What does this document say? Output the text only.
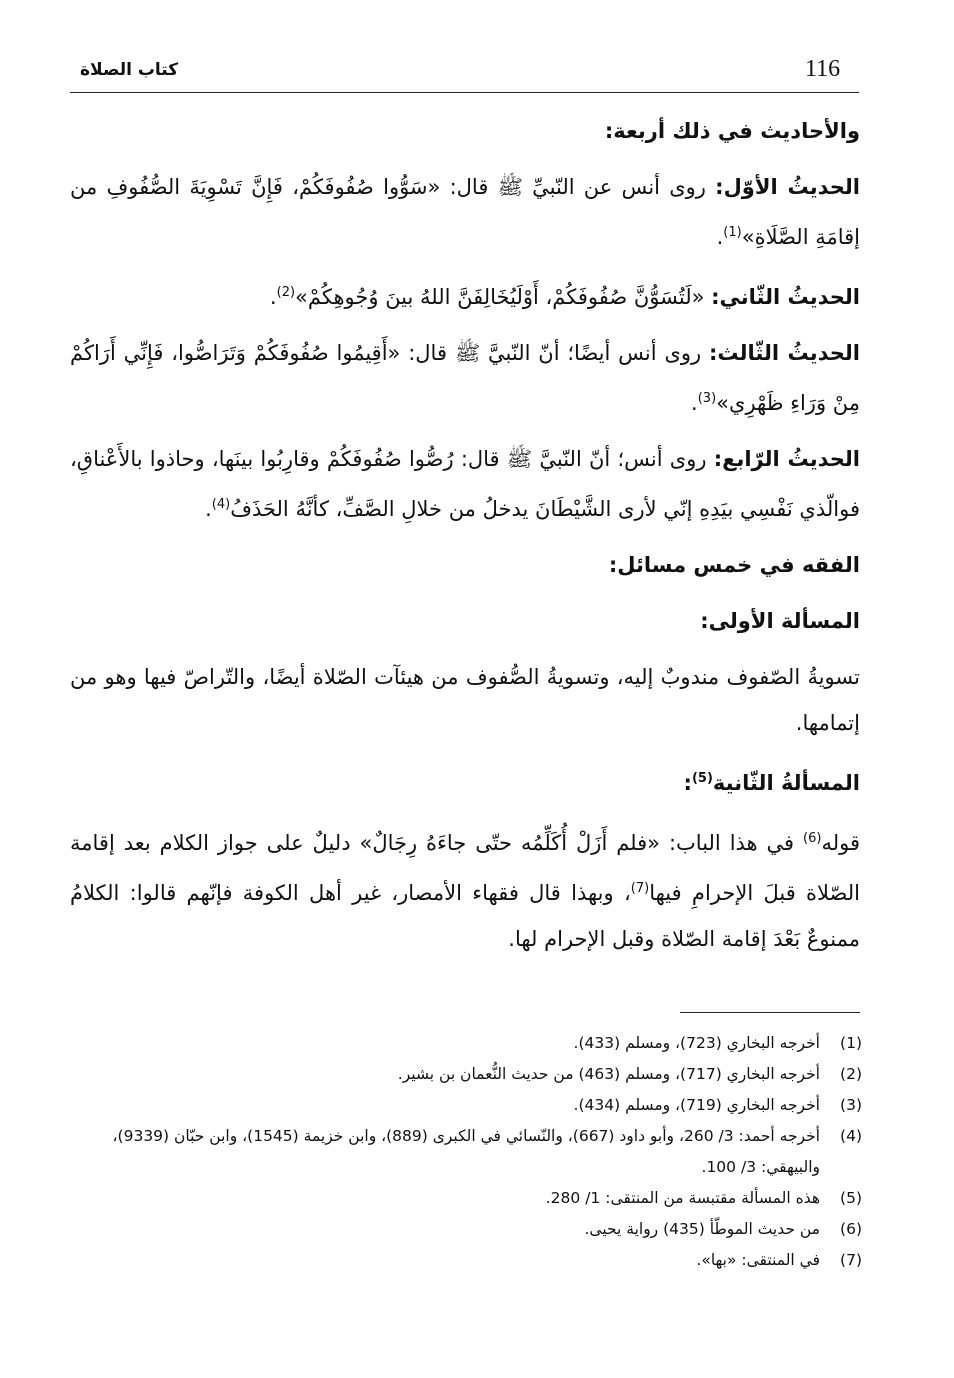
116
كتاب الصلاة

والأحاديث في ذلك أربعة:

الحديثُ الأوّل: روى أنس عن النّبيِّ ﷺ قال: «سَوُّوا صُفُوفَكُمْ، فَإِنَّ تَسْوِيَةَ الصُّفُوفِ من إقامَةِ الصَّلَاةِ»$^{(1)}$.

الحديثُ الثّاني: «لَتُسَوُّنَّ صُفُوفَكُمْ، أَوْلَيُخَالِفَنَّ اللهُ بينَ وُجُوهِكُمْ»$^{(2)}$.

الحديثُ الثّالث: روى أنس أيضًا؛ أنّ النّبيَّ ﷺ قال: «أَقِيمُوا صُفُوفَكُمْ وَتَرَاصُّوا، فَإِنِّي أَرَاكُمْ مِنْ وَرَاءِ ظَهْرِي»$^{(3)}$.

الحديثُ الرّابع: روى أنس؛ أنّ النّبيَّ ﷺ قال: رُصُّوا صُفُوفَكُمْ وقارِبُوا بينَها، وحاذوا بالأَعْناقِ، فوالّذي نَفْسِي بيَدِهِ إنّي لأرى الشَّيْطَانَ يدخلُ من خلالِ الصَّفِّ، كأنَّهُ الحَذَفُ$^{(4)}$.

الفقه في خمس مسائل:

المسألة الأولى:

تسويةُ الصّفوف مندوبٌ إليه، وتسويةُ الصُّفوف من هيئآت الصّلاة أيضًا، والتّراصّ فيها وهو من إتمامها.

المسألةُ الثّانية$^{(5)}$:

قوله$^{(6)}$ في هذا الباب: «فلم أَزَلْ أُكَلِّمُه حتّى جاءَهُ رِجَالٌ» دليلٌ على جواز الكلام بعد إقامة الصّلاة قبلَ الإحرامِ فيها$^{(7)}$، وبهذا قال فقهاء الأمصار، غير أهل الكوفة فإنّهم قالوا: الكلامُ ممنوعٌ بَعْدَ إقامة الصّلاة وقبل الإحرام لها.

(1)
أخرجه البخاري (723)، ومسلم (433).
(2)
أخرجه البخاري (717)، ومسلم (463) من حديث النُّعمان بن بشير.
(3)
أخرجه البخاري (719)، ومسلم (434).
(4)
أخرجه أحمد: 3/ 260، وأبو داود (667)، والنّسائي في الكبرى (889)، وابن خزيمة (1545)، وابن حبّان (9339)، والبيهقي: 3/ 100.
(5)
هذه المسألة مقتبسة من المنتقى: 1/ 280.
(6)
من حديث الموطّأ (435) رواية يحيى.
(7)
في المنتقى: «بها».
